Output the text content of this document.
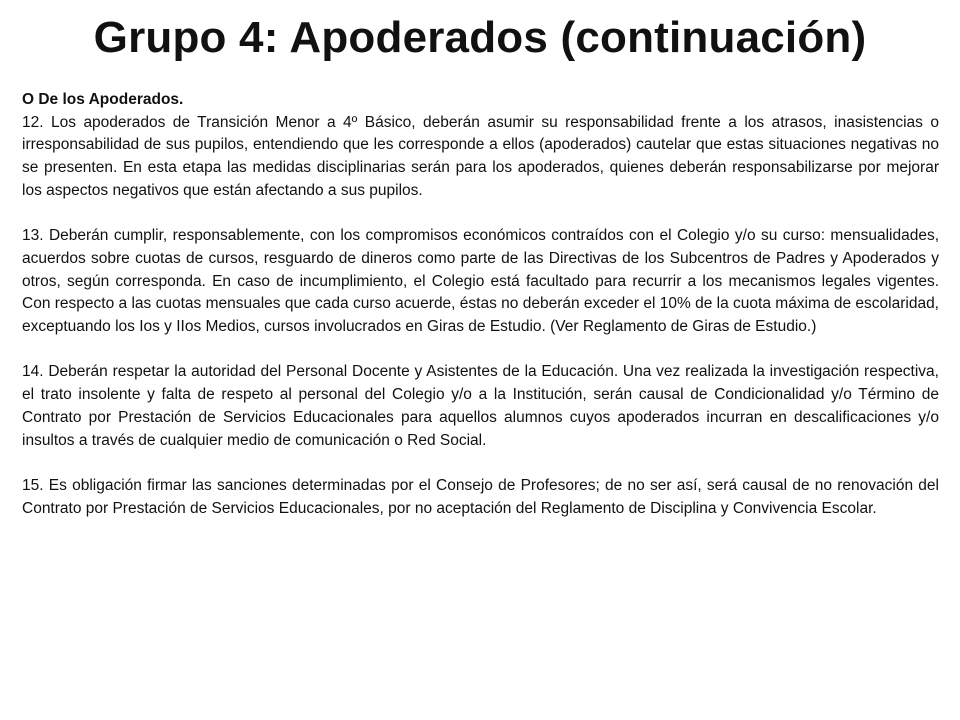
Grupo 4: Apoderados (continuación)
O De los Apoderados.

12. Los apoderados de Transición Menor a 4º Básico, deberán asumir su responsabilidad frente a los atrasos, inasistencias o irresponsabilidad de sus pupilos, entendiendo que les corresponde a ellos (apoderados) cautelar que estas situaciones negativas no se presenten. En esta etapa las medidas disciplinarias serán para los apoderados, quienes deberán responsabilizarse por mejorar los aspectos negativos que están afectando a sus pupilos.

13. Deberán cumplir, responsablemente, con los compromisos económicos contraídos con el Colegio y/o su curso: mensualidades, acuerdos sobre cuotas de cursos, resguardo de dineros como parte de las Directivas de los Subcentros de Padres y Apoderados y otros, según corresponda. En caso de incumplimiento, el Colegio está facultado para recurrir a los mecanismos legales vigentes. Con respecto a las cuotas mensuales que cada curso acuerde, éstas no deberán exceder el 10% de la cuota máxima de escolaridad, exceptuando los Ios y IIos Medios, cursos involucrados en Giras de Estudio. (Ver Reglamento de Giras de Estudio.)

14. Deberán respetar la autoridad del Personal Docente y Asistentes de la Educación. Una vez realizada la investigación respectiva, el trato insolente y falta de respeto al personal del Colegio y/o a la Institución, serán causal de Condicionalidad y/o Término de Contrato por Prestación de Servicios Educacionales para aquellos alumnos cuyos apoderados incurran en descalificaciones y/o insultos a través de cualquier medio de comunicación o Red Social.

15. Es obligación firmar las sanciones determinadas por el Consejo de Profesores; de no ser así, será causal de no renovación del Contrato por Prestación de Servicios Educacionales, por no aceptación del Reglamento de Disciplina y Convivencia Escolar.
